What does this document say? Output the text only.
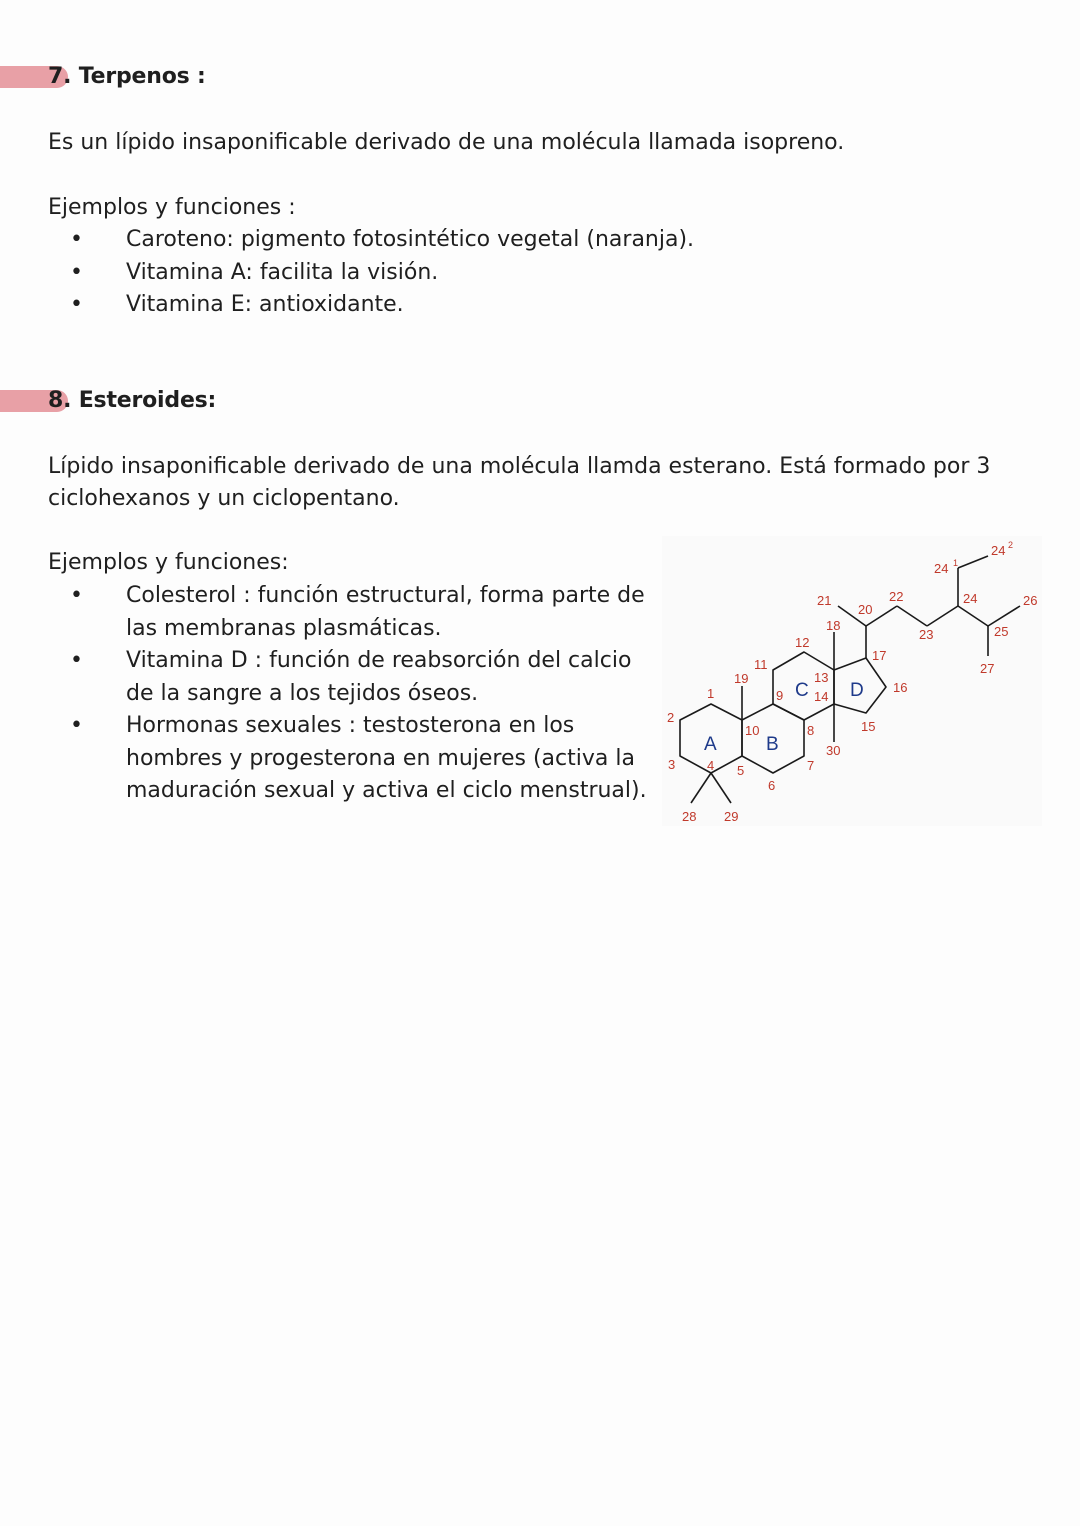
7. Terpenos :

Es un lípido insaponificable derivado de una molécula llamada isopreno.

Ejemplos y funciones :

• Caroteno: pigmento fotosintético vegetal (naranja).
• Vitamina A: facilita la visión.
• Vitamina E: antioxidante.
8. Esteroides:

Lípido insaponificable derivado de una molécula llamda esterano. Está formado por 3

ciclohexanos y un ciclopentano.

Ejemplos y funciones:

• Colesterol : función estructural, forma parte de
las membranas plasmáticas.
• Vitamina D : función de reabsorción del calcio
de la sangre a los tejidos óseos.
• Hormonas sexuales : testosterona en los
hombres y progesterona en mujeres (activa la
maduración sexual y activa el ciclo menstrual).
A	B
C D
1
2
3 4 5
6
7
8
9
10
11
12
13
14
15
16
17
18
19
20
21	22
23
24
25
26
27
28 29
30
24 1
24 2
